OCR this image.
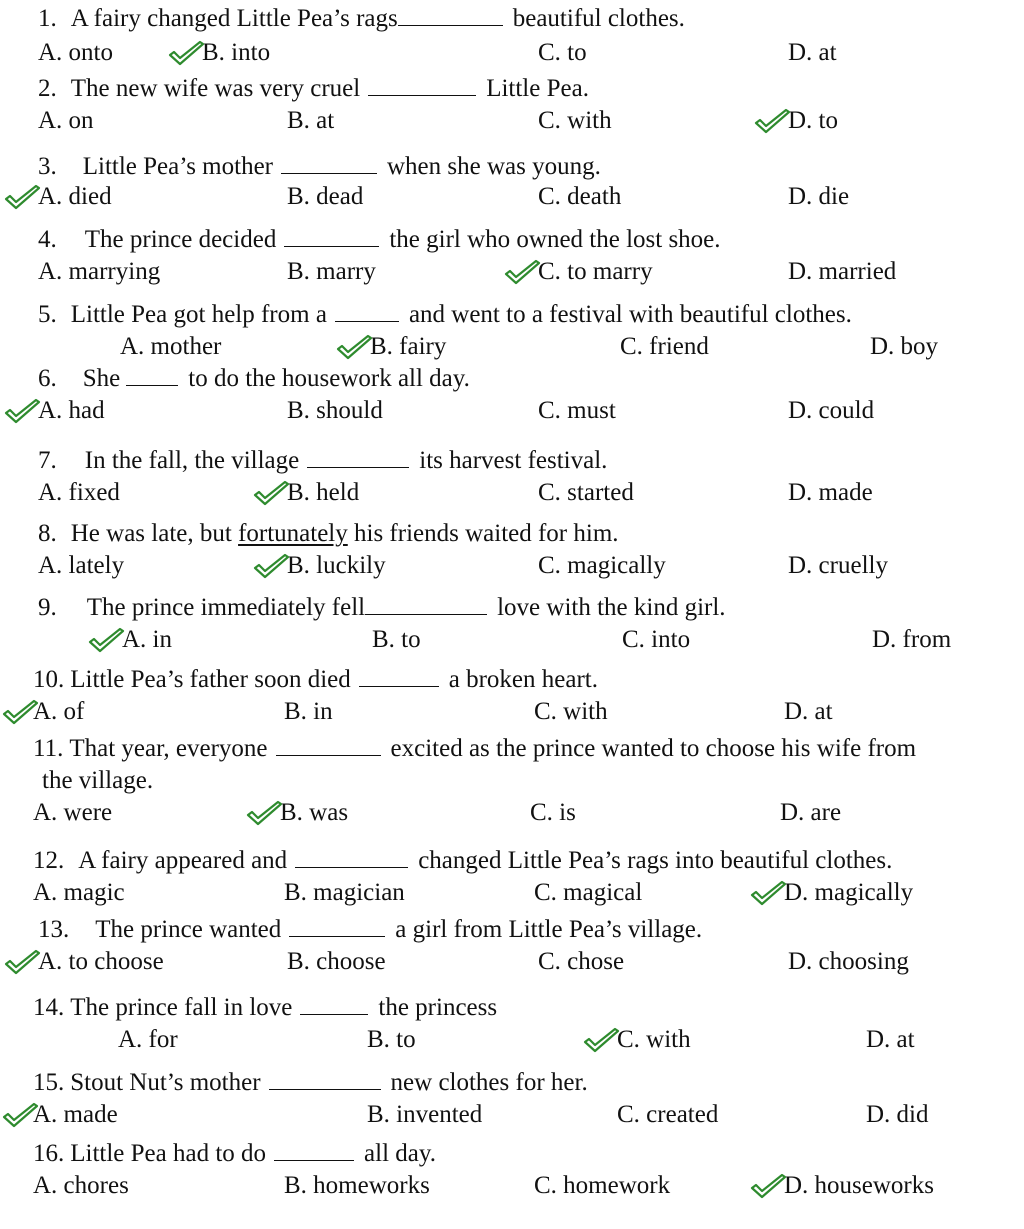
1. A fairy changed Little Pea’s rags	beautiful clothes.
A. onto	B. into	C. to	D. at
2. The new wife was very cruel	Little Pea.
A. on	B. at	C. with	D. to
3. Little Pea’s mother	when she was young.
A. died	B. dead	C. death	D. die
4. The prince decided	the girl who owned the lost shoe.
A. marrying	B. marry	C. to marry	D. married
5. Little Pea got help from a	and went to a festival with beautiful clothes.
A. mother	B. fairy	C. friend	D. boy
6. She	to do the housework all day.
A. had	B. should	C. must	D. could
7. In the fall, the village	its harvest festival.
A. fixed	B. held	C. started	D. made
8. He was late, but fortunately his friends waited for him.
A. lately	B. luckily	C. magically	D. cruelly
9. The prince immediately fell	love with the kind girl.
A. in	B. to	C. into	D. from
10. Little Pea’s father soon died	a broken heart.
A. of	B. in	C. with	D. at
11. That year, everyone	excited as the prince wanted to choose his wife from
the village.
A. were	B. was	C. is	D. are
12. A fairy appeared and	changed Little Pea’s rags into beautiful clothes.
A. magic	B. magician	C. magical	D. magically
13. The prince wanted	a girl from Little Pea’s village.
A. to choose	B. choose	C. chose	D. choosing
14. The prince fall in love	the princess
A. for	B. to	C. with	D. at
15. Stout Nut’s mother	new clothes for her.
A. made	B. invented	C. created	D. did
16. Little Pea had to do	all day.
A. chores	B. homeworks	C. homework	D. houseworks
